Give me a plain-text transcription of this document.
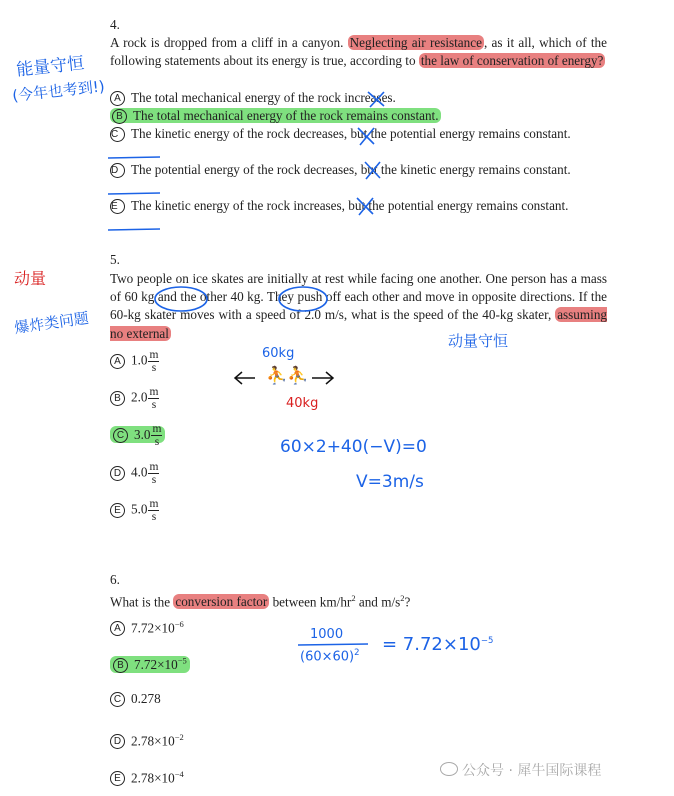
4.
A rock is dropped from a cliff in a canyon. Neglecting air resistance , as it all, which of the following statements about its energy is true, according to the law of conservation of energy?
A The total mechanical energy of the rock increases.
B The total mechanical energy of the rock remains constant.
C The kinetic energy of the rock decreases, but the potential energy remains constant.
D The potential energy of the rock decreases, but the kinetic energy remains constant.
E The kinetic energy of the rock increases, but the potential energy remains constant.
5.
Two people on ice skates are initially at rest while facing one another. One person has a mass of 60 kg and the other 40 kg. They push off each other and move in opposite directions. If the 60-kg skater moves with a speed of 2.0 m/s, what is the speed of the 40-kg skater, assuming no external
A $1.0 \frac{m}{s}$
B $2.0 \frac{m}{s}$
C $3.0 \frac{m}{s}$
D $4.0 \frac{m}{s}$
E $5.0 \frac{m}{s}$
6.
What is the conversion factor between $km/hr^2$ and $m/s^2$?
A $7.72\times 10^{-6}$
B $7.72\times 10^{-5}$
C 0.278
D $2.78\times 10^{-2}$
E $2.78\times 10^{-4}$
能量守恒
(今年也考到!)
动量
爆炸类问题
动量守恒
60kg
⛹⛹
40kg
60×2+40(−V)=0
V=3m/s
1000
$(60\times 60)^2 = 7.72\times 10^{-5}$
公众号 · 犀牛国际课程
